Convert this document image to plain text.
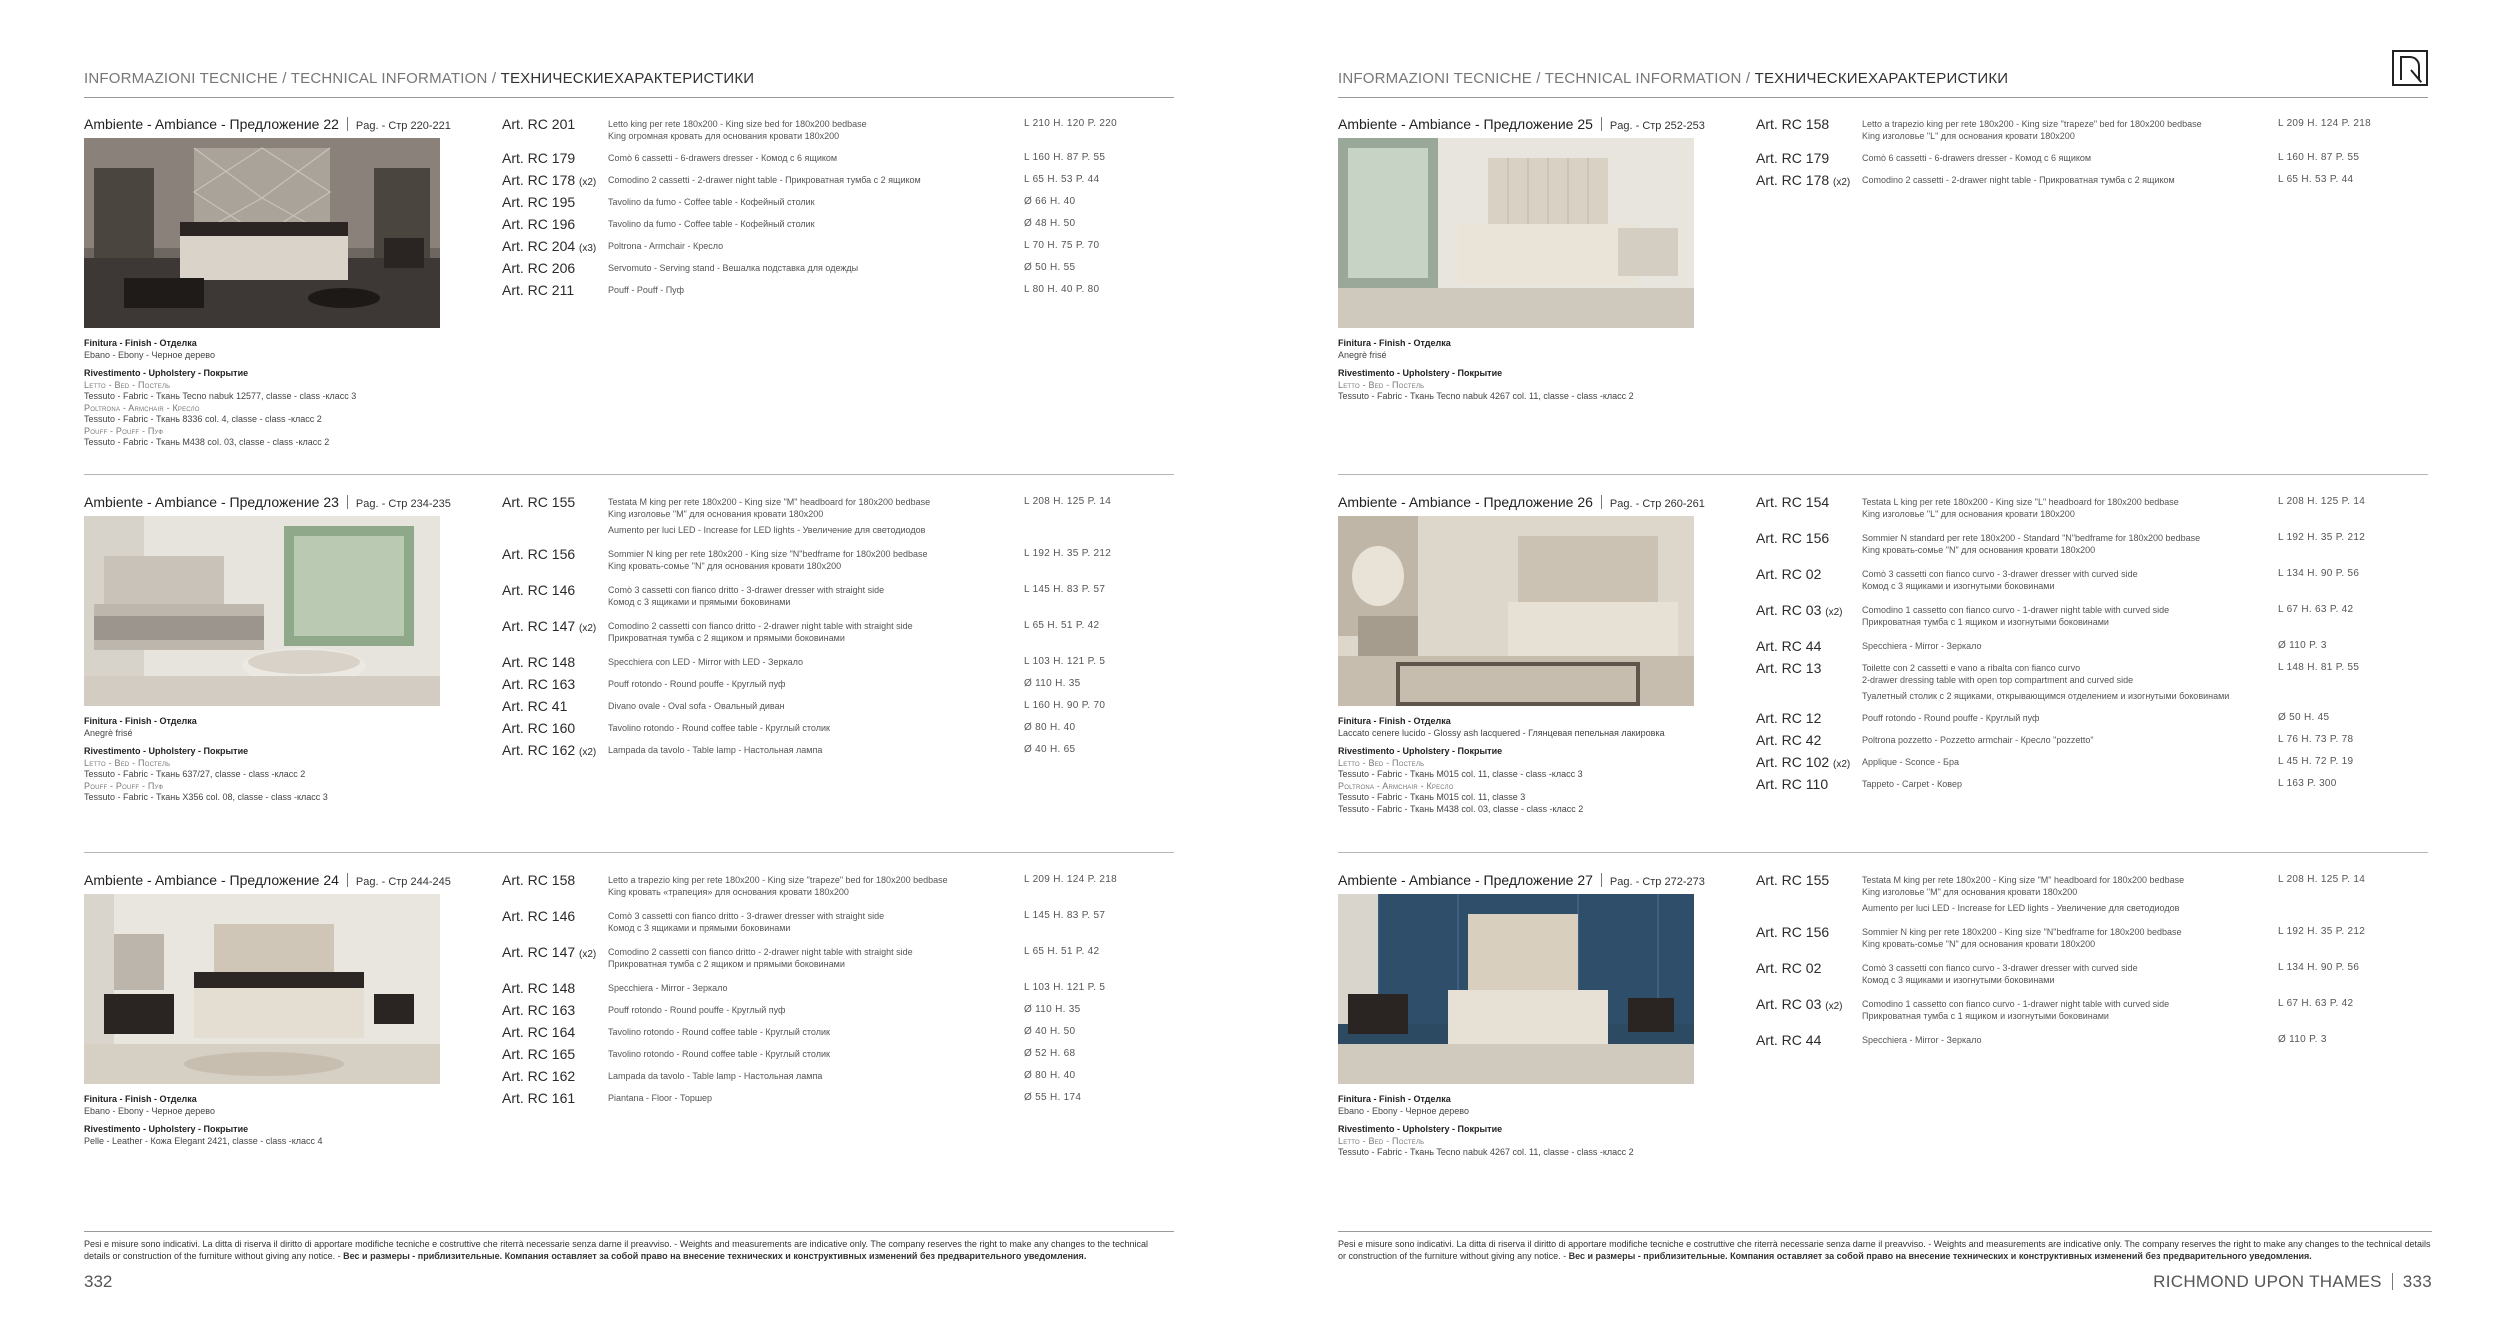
INFORMAZIONI TECNICHE / TECHNICAL INFORMATION / ТЕХНИЧЕСКИЕХАРАКТЕРИСТИКИ
Ambiente - Ambiance - Предложение 22 Pag. - Стр 220-221
Finitura - Finish - Отделка
Ebano - Ebony - Черное дерево
Rivestimento - Upholstery - Покрытие
Letto - Bed - Постель
Tessuto - Fabric - Ткань Tecno nabuk 12577, classe - class -класс 3
Poltrona - Armchair - Кресло
Tessuto - Fabric - Ткань 8336 col. 4, classe - class -класс 2
Pouff - Pouff - Пуф
Tessuto - Fabric - Ткань M438 col. 03, classe - class -класс 2
Art. RC 201	Letto king per rete 180x200 - King size bed for 180x200 bedbase
King огромная кровать для основания кровати 180x200
L 210 H. 120 P. 220
Art. RC 179	Comò 6 cassetti - 6-drawers dresser - Комод с 6 ящиком	L 160 H. 87 P. 55
Art. RC 178 (x2) Comodino 2 cassetti - 2-drawer night table - Прикроватная тумба с 2 ящиком	L 65 H. 53 P. 44
Art. RC 195	Tavolino da fumo - Coffee table - Кофейный столик	Ø 66 H. 40
Art. RC 196	Tavolino da fumo - Coffee table - Кофейный столик	Ø 48 H. 50
Art. RC 204 (x3) Poltrona - Armchair - Кресло	L 70 H. 75 P. 70
Art. RC 206	Servomuto - Serving stand - Вешалка подставка для одежды	Ø 50 H. 55
Art. RC 211	Pouff - Pouff - Пуф	L 80 H. 40 P. 80
Ambiente - Ambiance - Предложение 23 Pag. - Стр 234-235
Finitura - Finish - Отделка
Anegrè frisé
Rivestimento - Upholstery - Покрытие
Letto - Bed - Постель
Tessuto - Fabric - Ткань 637/27, classe - class -класс 2
Pouff - Pouff - Пуф
Tessuto - Fabric - Ткань X356 col. 08, classe - class -класс 3
Art. RC 155	Testata M king per rete 180x200 - King size "M" headboard for 180x200 bedbase
King изголовье "М" для основания кровати 180x200
Aumento per luci LED - Increase for LED lights - Увеличение для светодиодов
L 208 H. 125 P. 14
Art. RC 156	Sommier N king per rete 180x200 - King size "N"bedframe for 180x200 bedbase
King кровать-сомье "N" для основания кровати 180x200
L 192 H. 35 P. 212
Art. RC 146	Comò 3 cassetti con fianco dritto - 3-drawer dresser with straight side
Комод с 3 ящиками и прямыми боковинами
L 145 H. 83 P. 57
Art. RC 147 (x2) Comodino 2 cassetti con fianco dritto - 2-drawer night table with straight side
Прикроватная тумба с 2 ящиком и прямыми боковинами
L 65 H. 51 P. 42
Art. RC 148	Specchiera con LED - Mirror with LED - Зеркало	L 103 H. 121 P. 5
Art. RC 163	Pouff rotondo - Round pouffe - Круглый пуф	Ø 110 H. 35
Art. RC 41	Divano ovale - Oval sofa - Овальный диван	L 160 H. 90 P. 70
Art. RC 160	Tavolino rotondo - Round coffee table - Круглый столик	Ø 80 H. 40
Art. RC 162 (x2) Lampada da tavolo - Table lamp - Настольная лампа	Ø 40 H. 65
Ambiente - Ambiance - Предложение 24 Pag. - Стр 244-245
Finitura - Finish - Отделка
Ebano - Ebony - Черное дерево
Rivestimento - Upholstery - Покрытие
Pelle - Leather - Кожа Elegant 2421, classe - class -класс 4
Art. RC 158	Letto a trapezio king per rete 180x200 - King size "trapeze" bed for 180x200 bedbase
King кровать «трапеция» для основания кровати 180x200
L 209 H. 124 P. 218
Art. RC 146	Comò 3 cassetti con fianco dritto - 3-drawer dresser with straight side
Комод с 3 ящиками и прямыми боковинами
L 145 H. 83 P. 57
Art. RC 147 (x2) Comodino 2 cassetti con fianco dritto - 2-drawer night table with straight side
Прикроватная тумба с 2 ящиком и прямыми боковинами
L 65 H. 51 P. 42
Art. RC 148	Specchiera - Mirror - Зеркало	L 103 H. 121 P. 5
Art. RC 163	Pouff rotondo - Round pouffe - Круглый пуф	Ø 110 H. 35
Art. RC 164	Tavolino rotondo - Round coffee table - Круглый столик	Ø 40 H. 50
Art. RC 165	Tavolino rotondo - Round coffee table - Круглый столик	Ø 52 H. 68
Art. RC 162	Lampada da tavolo - Table lamp - Настольная лампа	Ø 80 H. 40
Art. RC 161	Piantana - Floor - Торшер	Ø 55 H. 174
Pesi e misure sono indicativi. La ditta di riserva il diritto di apportare modifiche tecniche e costruttive che riterrà necessarie senza darne il preavviso. - Weights and measurements are indicative only. The company reserves the right to make any changes to the technical details or construction of the furniture without giving any notice. - Вес и размеры - приблизительные. Компания оставляет за собой право на внесение технических и конструктивных изменений без предварительного уведомления.
332
INFORMAZIONI TECNICHE / TECHNICAL INFORMATION / ТЕХНИЧЕСКИЕХАРАКТЕРИСТИКИ
Ambiente - Ambiance - Предложение 25 Pag. - Стр 252-253
Finitura - Finish - Отделка
Anegrè frisé
Rivestimento - Upholstery - Покрытие
Letto - Bed - Постель
Tessuto - Fabric - Ткань Tecno nabuk 4267 col. 11, classe - class -класс 2
Art. RC 158	Letto a trapezio king per rete 180x200 - King size "trapeze" bed for 180x200 bedbase
King изголовье "L" для основания кровати 180x200
L 209 H. 124 P. 218
Art. RC 179	Comò 6 cassetti - 6-drawers dresser - Комод с 6 ящиком	L 160 H. 87 P. 55
Art. RC 178 (x2) Comodino 2 cassetti - 2-drawer night table - Прикроватная тумба с 2 ящиком	L 65 H. 53 P. 44
Ambiente - Ambiance - Предложение 26 Pag. - Стр 260-261
Finitura - Finish - Отделка
Laccato cenere lucido - Glossy ash lacquered - Глянцевая пепельная лакировка
Rivestimento - Upholstery - Покрытие
Letto - Bed - Постель
Tessuto - Fabric - Ткань M015 col. 11, classe - class -класс 3
Poltrona - Armchair - Кресло
Tessuto - Fabric - Ткань M015 col. 11, classe 3
Tessuto - Fabric - Ткань M438 col. 03, classe - class -класс 2
Art. RC 154	Testata L king per rete 180x200 - King size "L" headboard for 180x200 bedbase
King изголовье "L" для основания кровати 180x200
L 208 H. 125 P. 14
Art. RC 156	Sommier N standard per rete 180x200 - Standard "N"bedframe for 180x200 bedbase
King кровать-сомье "N" для основания кровати 180x200
L 192 H. 35 P. 212
Art. RC 02	Comò 3 cassetti con fianco curvo - 3-drawer dresser with curved side
Комод с 3 ящиками и изогнутыми боковинами
L 134 H. 90 P. 56
Art. RC 03 (x2) Comodino 1 cassetto con fianco curvo - 1-drawer night table with curved side
Прикроватная тумба с 1 ящиком и изогнутыми боковинами
L 67 H. 63 P. 42
Art. RC 44	Specchiera - Mirror - Зеркало	Ø 110 P. 3
Art. RC 13	Toilette con 2 cassetti e vano a ribalta con fianco curvo
2-drawer dressing table with open top compartment and curved side
Туалетный столик с 2 ящиками, открывающимся отделением и изогнутыми боковинами
L 148 H. 81 P. 55
Art. RC 12	Pouff rotondo - Round pouffe - Круглый пуф	Ø 50 H. 45
Art. RC 42	Poltrona pozzetto - Pozzetto armchair - Кресло "pozzetto"	L 76 H. 73 P. 78
Art. RC 102 (x2) Applique - Sconce - Бра	L 45 H. 72 P. 19
Art. RC 110	Tappeto - Carpet - Ковер	L 163 P. 300
Ambiente - Ambiance - Предложение 27 Pag. - Стр 272-273
Finitura - Finish - Отделка
Ebano - Ebony - Черное дерево
Rivestimento - Upholstery - Покрытие
Letto - Bed - Постель
Tessuto - Fabric - Ткань Tecno nabuk 4267 col. 11, classe - class -класс 2
Art. RC 155	Testata M king per rete 180x200 - King size "M" headboard for 180x200 bedbase
King изголовье "М" для основания кровати 180x200
Aumento per luci LED - Increase for LED lights - Увеличение для светодиодов
L 208 H. 125 P. 14
Art. RC 156	Sommier N king per rete 180x200 - King size "N"bedframe for 180x200 bedbase
King кровать-сомье "N" для основания кровати 180x200
L 192 H. 35 P. 212
Art. RC 02	Comò 3 cassetti con fianco curvo - 3-drawer dresser with curved side
Комод с 3 ящиками и изогнутыми боковинами
L 134 H. 90 P. 56
Art. RC 03 (x2) Comodino 1 cassetto con fianco curvo - 1-drawer night table with curved side
Прикроватная тумба с 1 ящиком и изогнутыми боковинами
L 67 H. 63 P. 42
Art. RC 44	Specchiera - Mirror - Зеркало	Ø 110 P. 3
Pesi e misure sono indicativi. La ditta di riserva il diritto di apportare modifiche tecniche e costruttive che riterrà necessarie senza darne il preavviso. - Weights and measurements are indicative only. The company reserves the right to make any changes to the technical details or construction of the furniture without giving any notice. - Вес и размеры - приблизительные. Компания оставляет за собой право на внесение технических и конструктивных изменений без предварительного уведомления.
RICHMOND UPON THAMES 333
